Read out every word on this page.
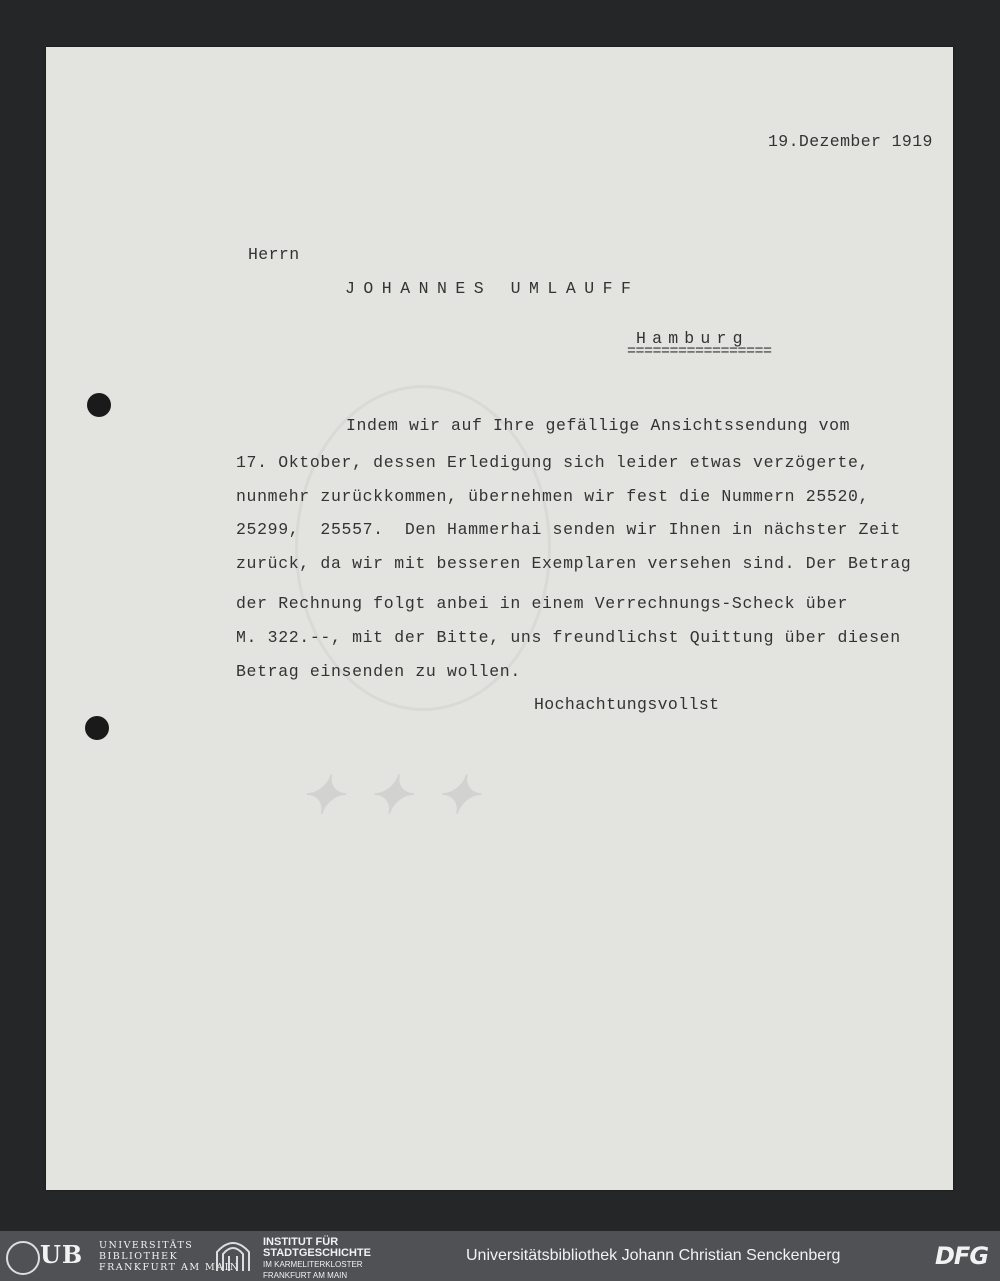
✦ ✦ ✦

19.Dezember 1919

Herrn

JOHANNES UMLAUFF

Hamburg

=================

Indem wir auf Ihre gefällige Ansichtssendung vom

17. Oktober, dessen Erledigung sich leider etwas verzögerte,

nunmehr zurückkommen, übernehmen wir fest die Nummern 25520,

25299,  25557.  Den Hammerhai senden wir Ihnen in nächster Zeit

zurück, da wir mit besseren Exemplaren versehen sind. Der Betrag

der Rechnung folgt anbei in einem Verrechnungs-Scheck über

M. 322.--, mit der Bitte, uns freundlichst Quittung über diesen

Betrag einsenden zu wollen.

Hochachtungsvollst

UB UNIVERSITÄTS
BIBLIOTHEK
FRANKFURT AM MAIN
INSTITUT FÜR
STADTGESCHICHTE
IM KARMELITERKLOSTER
FRANKFURT AM MAIN
Universitätsbibliothek Johann Christian Senckenberg	DFG
